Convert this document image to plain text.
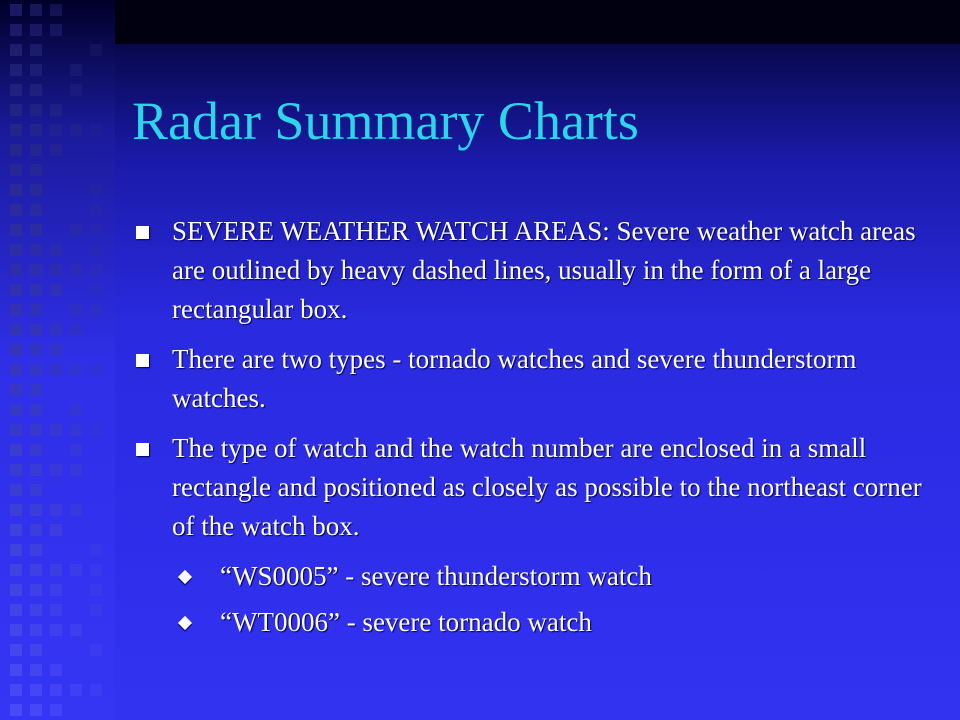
Radar Summary Charts
SEVERE WEATHER WATCH AREAS: Severe weather watch areas are outlined by heavy dashed lines, usually in the form of a large rectangular box.
There are two types - tornado watches and severe thunderstorm watches.
The type of watch and the watch number are enclosed in a small rectangle and positioned as closely as possible to the northeast corner of the watch box.
“WS0005” - severe thunderstorm watch
“WT0006” - severe tornado watch
